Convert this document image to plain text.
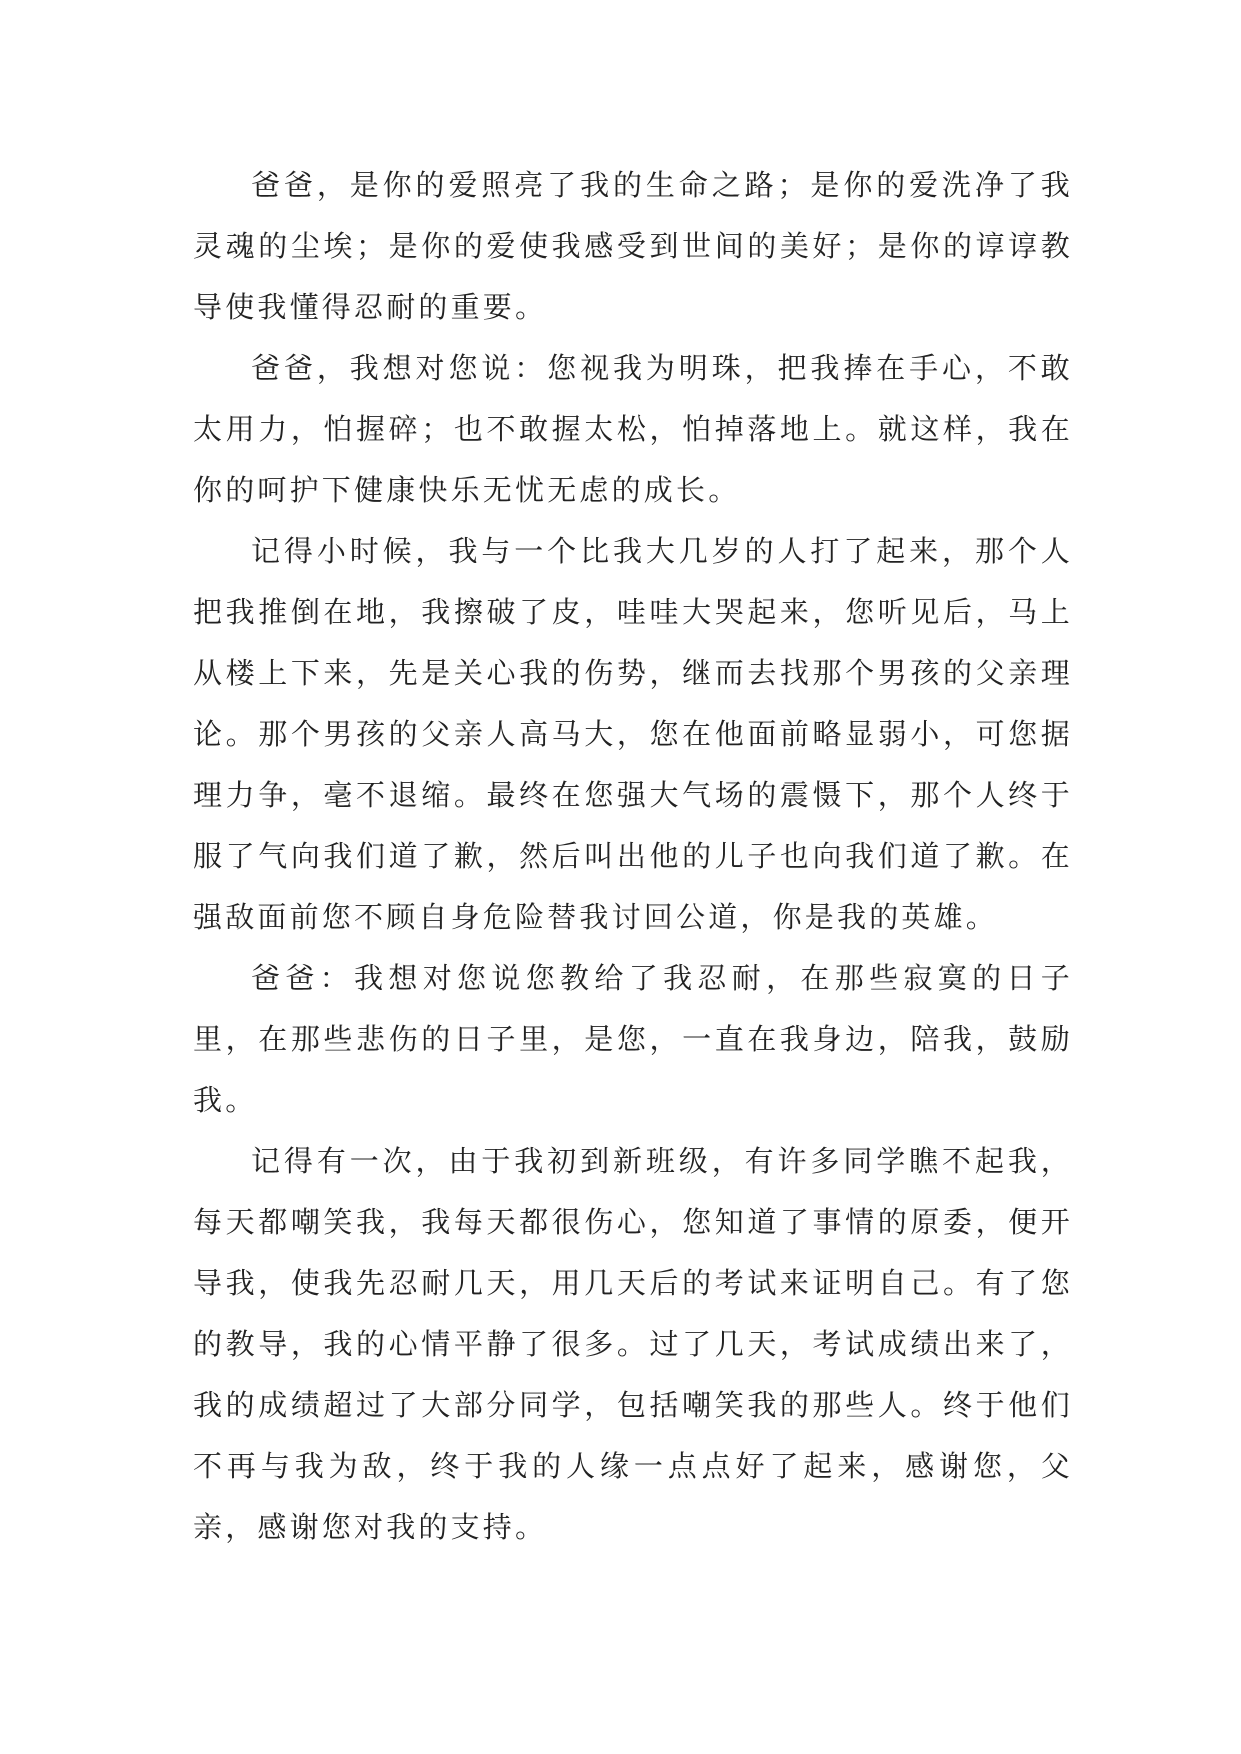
爸爸，是你的爱照亮了我的生命之路；是你的爱洗净了我灵魂的尘埃；是你的爱使我感受到世间的美好；是你的谆谆教导使我懂得忍耐的重要。

爸爸，我想对您说：您视我为明珠，把我捧在手心，不敢太用力，怕握碎；也不敢握太松，怕掉落地上。就这样，我在你的呵护下健康快乐无忧无虑的成长。

记得小时候，我与一个比我大几岁的人打了起来，那个人把我推倒在地，我擦破了皮，哇哇大哭起来，您听见后，马上从楼上下来，先是关心我的伤势，继而去找那个男孩的父亲理论。那个男孩的父亲人高马大，您在他面前略显弱小，可您据理力争，毫不退缩。最终在您强大气场的震慑下，那个人终于服了气向我们道了歉，然后叫出他的儿子也向我们道了歉。在强敌面前您不顾自身危险替我讨回公道，你是我的英雄。

爸爸：我想对您说您教给了我忍耐，在那些寂寞的日子里，在那些悲伤的日子里，是您，一直在我身边，陪我，鼓励我。

记得有一次，由于我初到新班级，有许多同学瞧不起我，每天都嘲笑我，我每天都很伤心，您知道了事情的原委，便开导我，使我先忍耐几天，用几天后的考试来证明自己。有了您的教导，我的心情平静了很多。过了几天，考试成绩出来了，我的成绩超过了大部分同学，包括嘲笑我的那些人。终于他们不再与我为敌，终于我的人缘一点点好了起来，感谢您，父亲，感谢您对我的支持。
